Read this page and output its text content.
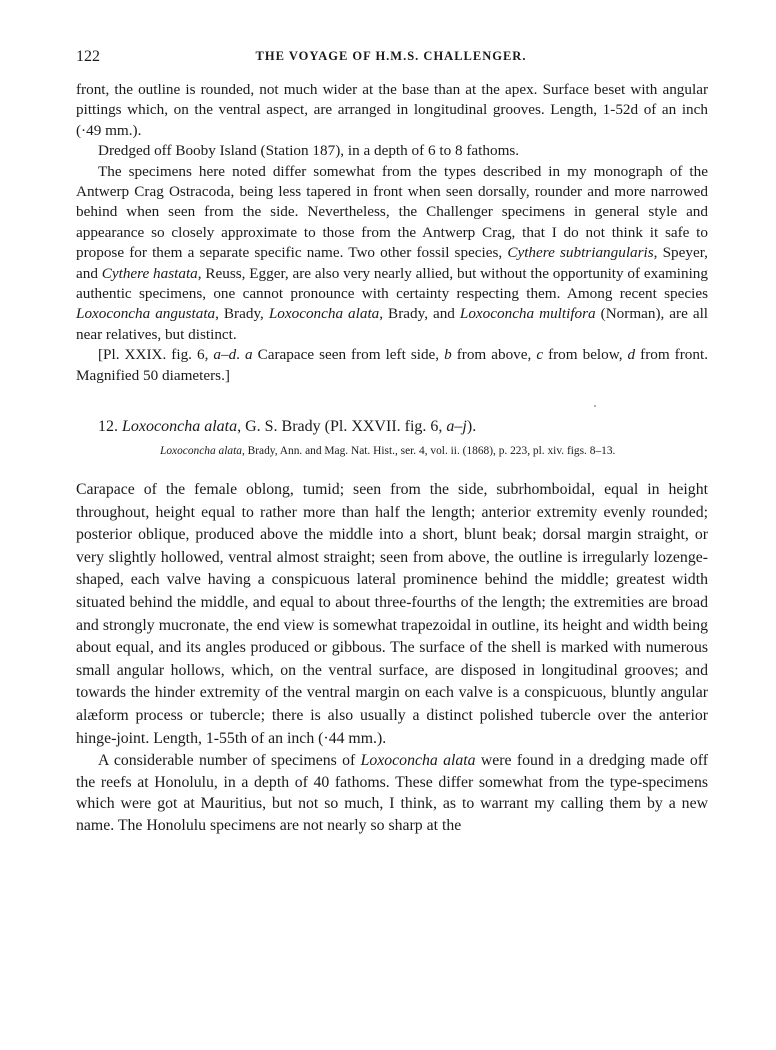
122	THE VOYAGE OF H.M.S. CHALLENGER.

front, the outline is rounded, not much wider at the base than at the apex. Surface beset with angular pittings which, on the ventral aspect, are arranged in longitudinal grooves. Length, 1-52d of an inch (·49 mm.).

Dredged off Booby Island (Station 187), in a depth of 6 to 8 fathoms.

The specimens here noted differ somewhat from the types described in my monograph of the Antwerp Crag Ostracoda, being less tapered in front when seen dorsally, rounder and more narrowed behind when seen from the side. Nevertheless, the Challenger specimens in general style and appearance so closely approximate to those from the Antwerp Crag, that I do not think it safe to propose for them a separate specific name. Two other fossil species, Cythere subtriangularis, Speyer, and Cythere hastata, Reuss, Egger, are also very nearly allied, but without the opportunity of examining authentic specimens, one cannot pronounce with certainty respecting them. Among recent species Loxoconcha angustata, Brady, Loxoconcha alata, Brady, and Loxoconcha multifora (Norman), are all near relatives, but distinct.

[Pl. XXIX. fig. 6, a–d. a Carapace seen from left side, b from above, c from below, d from front. Magnified 50 diameters.]

12. Loxoconcha alata, G. S. Brady (Pl. XXVII. fig. 6, a–j).

Loxoconcha alata, Brady, Ann. and Mag. Nat. Hist., ser. 4, vol. ii. (1868), p. 223, pl. xiv. figs. 8–13.

Carapace of the female oblong, tumid; seen from the side, subrhomboidal, equal in height throughout, height equal to rather more than half the length; anterior extremity evenly rounded; posterior oblique, produced above the middle into a short, blunt beak; dorsal margin straight, or very slightly hollowed, ventral almost straight; seen from above, the outline is irregularly lozenge-shaped, each valve having a conspicuous lateral prominence behind the middle; greatest width situated behind the middle, and equal to about three-fourths of the length; the extremities are broad and strongly mucronate, the end view is somewhat trapezoidal in outline, its height and width being about equal, and its angles produced or gibbous. The surface of the shell is marked with numerous small angular hollows, which, on the ventral surface, are disposed in longitudinal grooves; and towards the hinder extremity of the ventral margin on each valve is a conspicuous, bluntly angular alæform process or tubercle; there is also usually a distinct polished tubercle over the anterior hinge-joint. Length, 1-55th of an inch (·44 mm.).

A considerable number of specimens of Loxoconcha alata were found in a dredging made off the reefs at Honolulu, in a depth of 40 fathoms. These differ somewhat from the type-specimens which were got at Mauritius, but not so much, I think, as to warrant my calling them by a new name. The Honolulu specimens are not nearly so sharp at the
